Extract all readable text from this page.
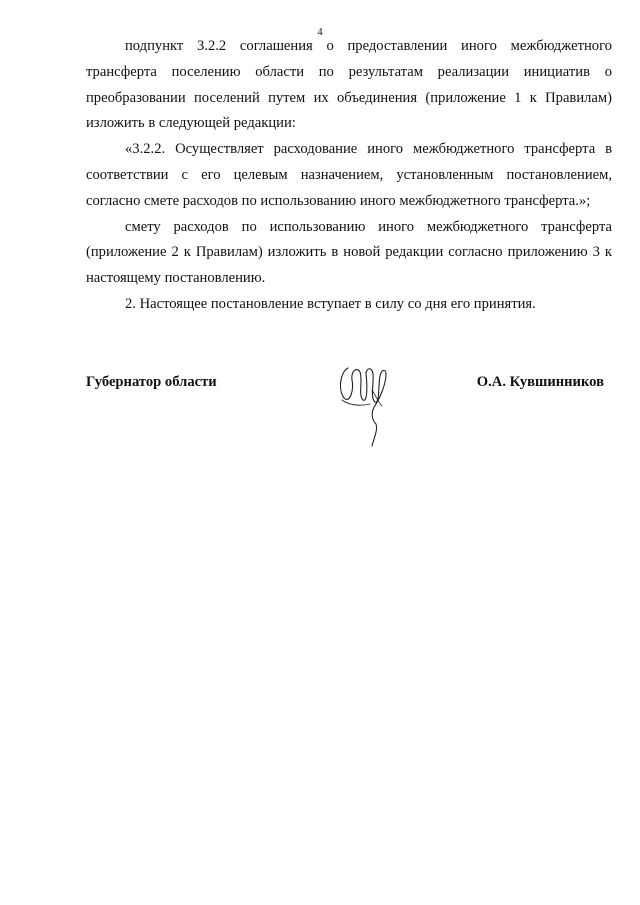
4

подпункт 3.2.2 соглашения о предоставлении иного межбюджетного трансферта поселению области по результатам реализации инициатив о преобразовании поселений путем их объединения (приложение 1 к Правилам) изложить в следующей редакции:

«3.2.2. Осуществляет расходование иного межбюджетного трансферта в соответствии с его целевым назначением, установленным постановлением, согласно смете расходов по использованию иного межбюджетного трансферта.»;

смету расходов по использованию иного межбюджетного трансферта (приложение 2 к Правилам) изложить в новой редакции согласно приложению 3 к настоящему постановлению.

2. Настоящее постановление вступает в силу со дня его принятия.

Губернатор области	О.А. Кувшинников
